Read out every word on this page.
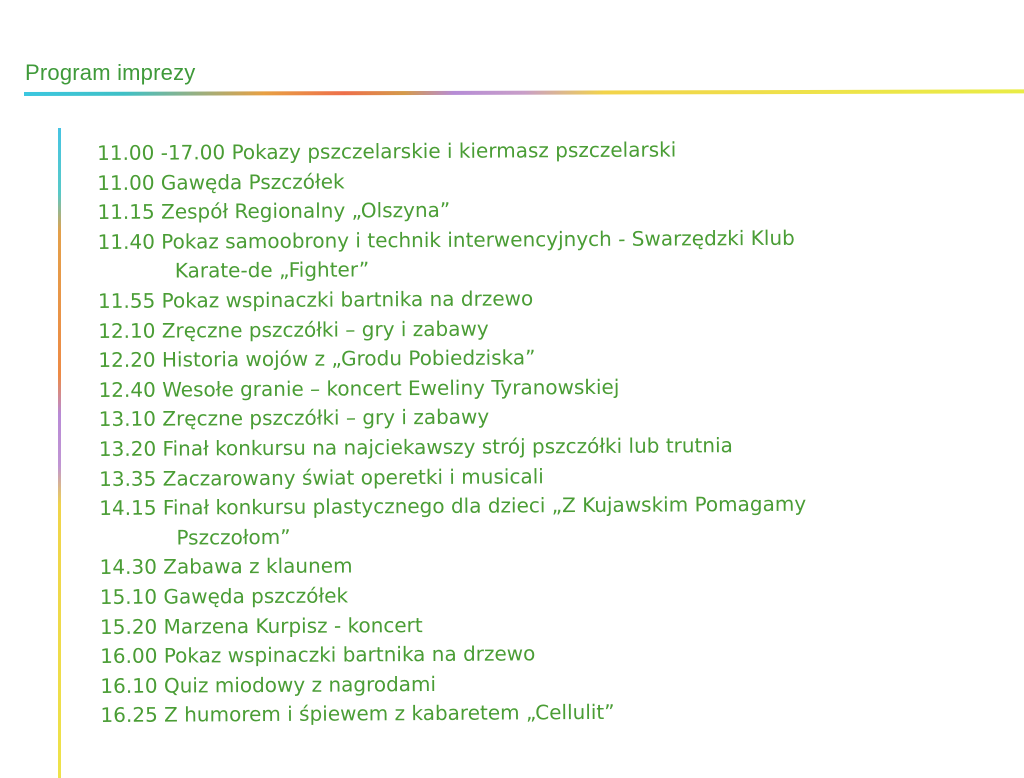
Program imprezy
11.00 -17.00 Pokazy pszczelarskie i kiermasz pszczelarski
11.00 Gawęda Pszczółek
11.15 Zespół Regionalny „Olszyna”
11.40 Pokaz samoobrony i technik interwencyjnych - Swarzędzki Klub
Karate-de „Fighter”
11.55 Pokaz wspinaczki bartnika na drzewo
12.10 Zręczne pszczółki – gry i zabawy
12.20 Historia wojów z „Grodu Pobiedziska”
12.40 Wesołe granie – koncert Eweliny Tyranowskiej
13.10 Zręczne pszczółki – gry i zabawy
13.20 Finał konkursu na najciekawszy strój pszczółki lub trutnia
13.35 Zaczarowany świat operetki i musicali
14.15 Finał konkursu plastycznego dla dzieci „Z Kujawskim Pomagamy
Pszczołom”
14.30 Zabawa z klaunem
15.10 Gawęda pszczółek
15.20 Marzena Kurpisz - koncert
16.00 Pokaz wspinaczki bartnika na drzewo
16.10 Quiz miodowy z nagrodami
16.25 Z humorem i śpiewem z kabaretem „Cellulit”
